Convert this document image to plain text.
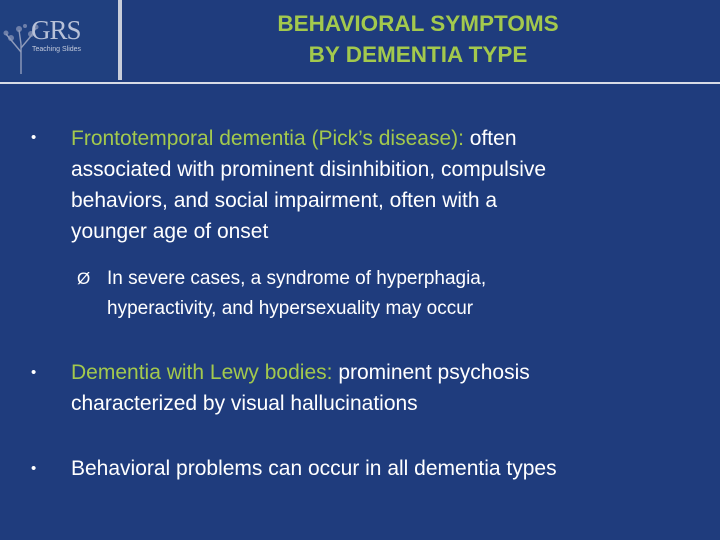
GRS
Teaching Slides
BEHAVIORAL SYMPTOMS
BY DEMENTIA TYPE
• Frontotemporal dementia (Pick’s disease): often
associated with prominent disinhibition, compulsive
behaviors, and social impairment, often with a
younger age of onset
Ø In severe cases, a syndrome of hyperphagia,
hyperactivity, and hypersexuality may occur
• Dementia with Lewy bodies: prominent psychosis
characterized by visual hallucinations
• Behavioral problems can occur in all dementia types
